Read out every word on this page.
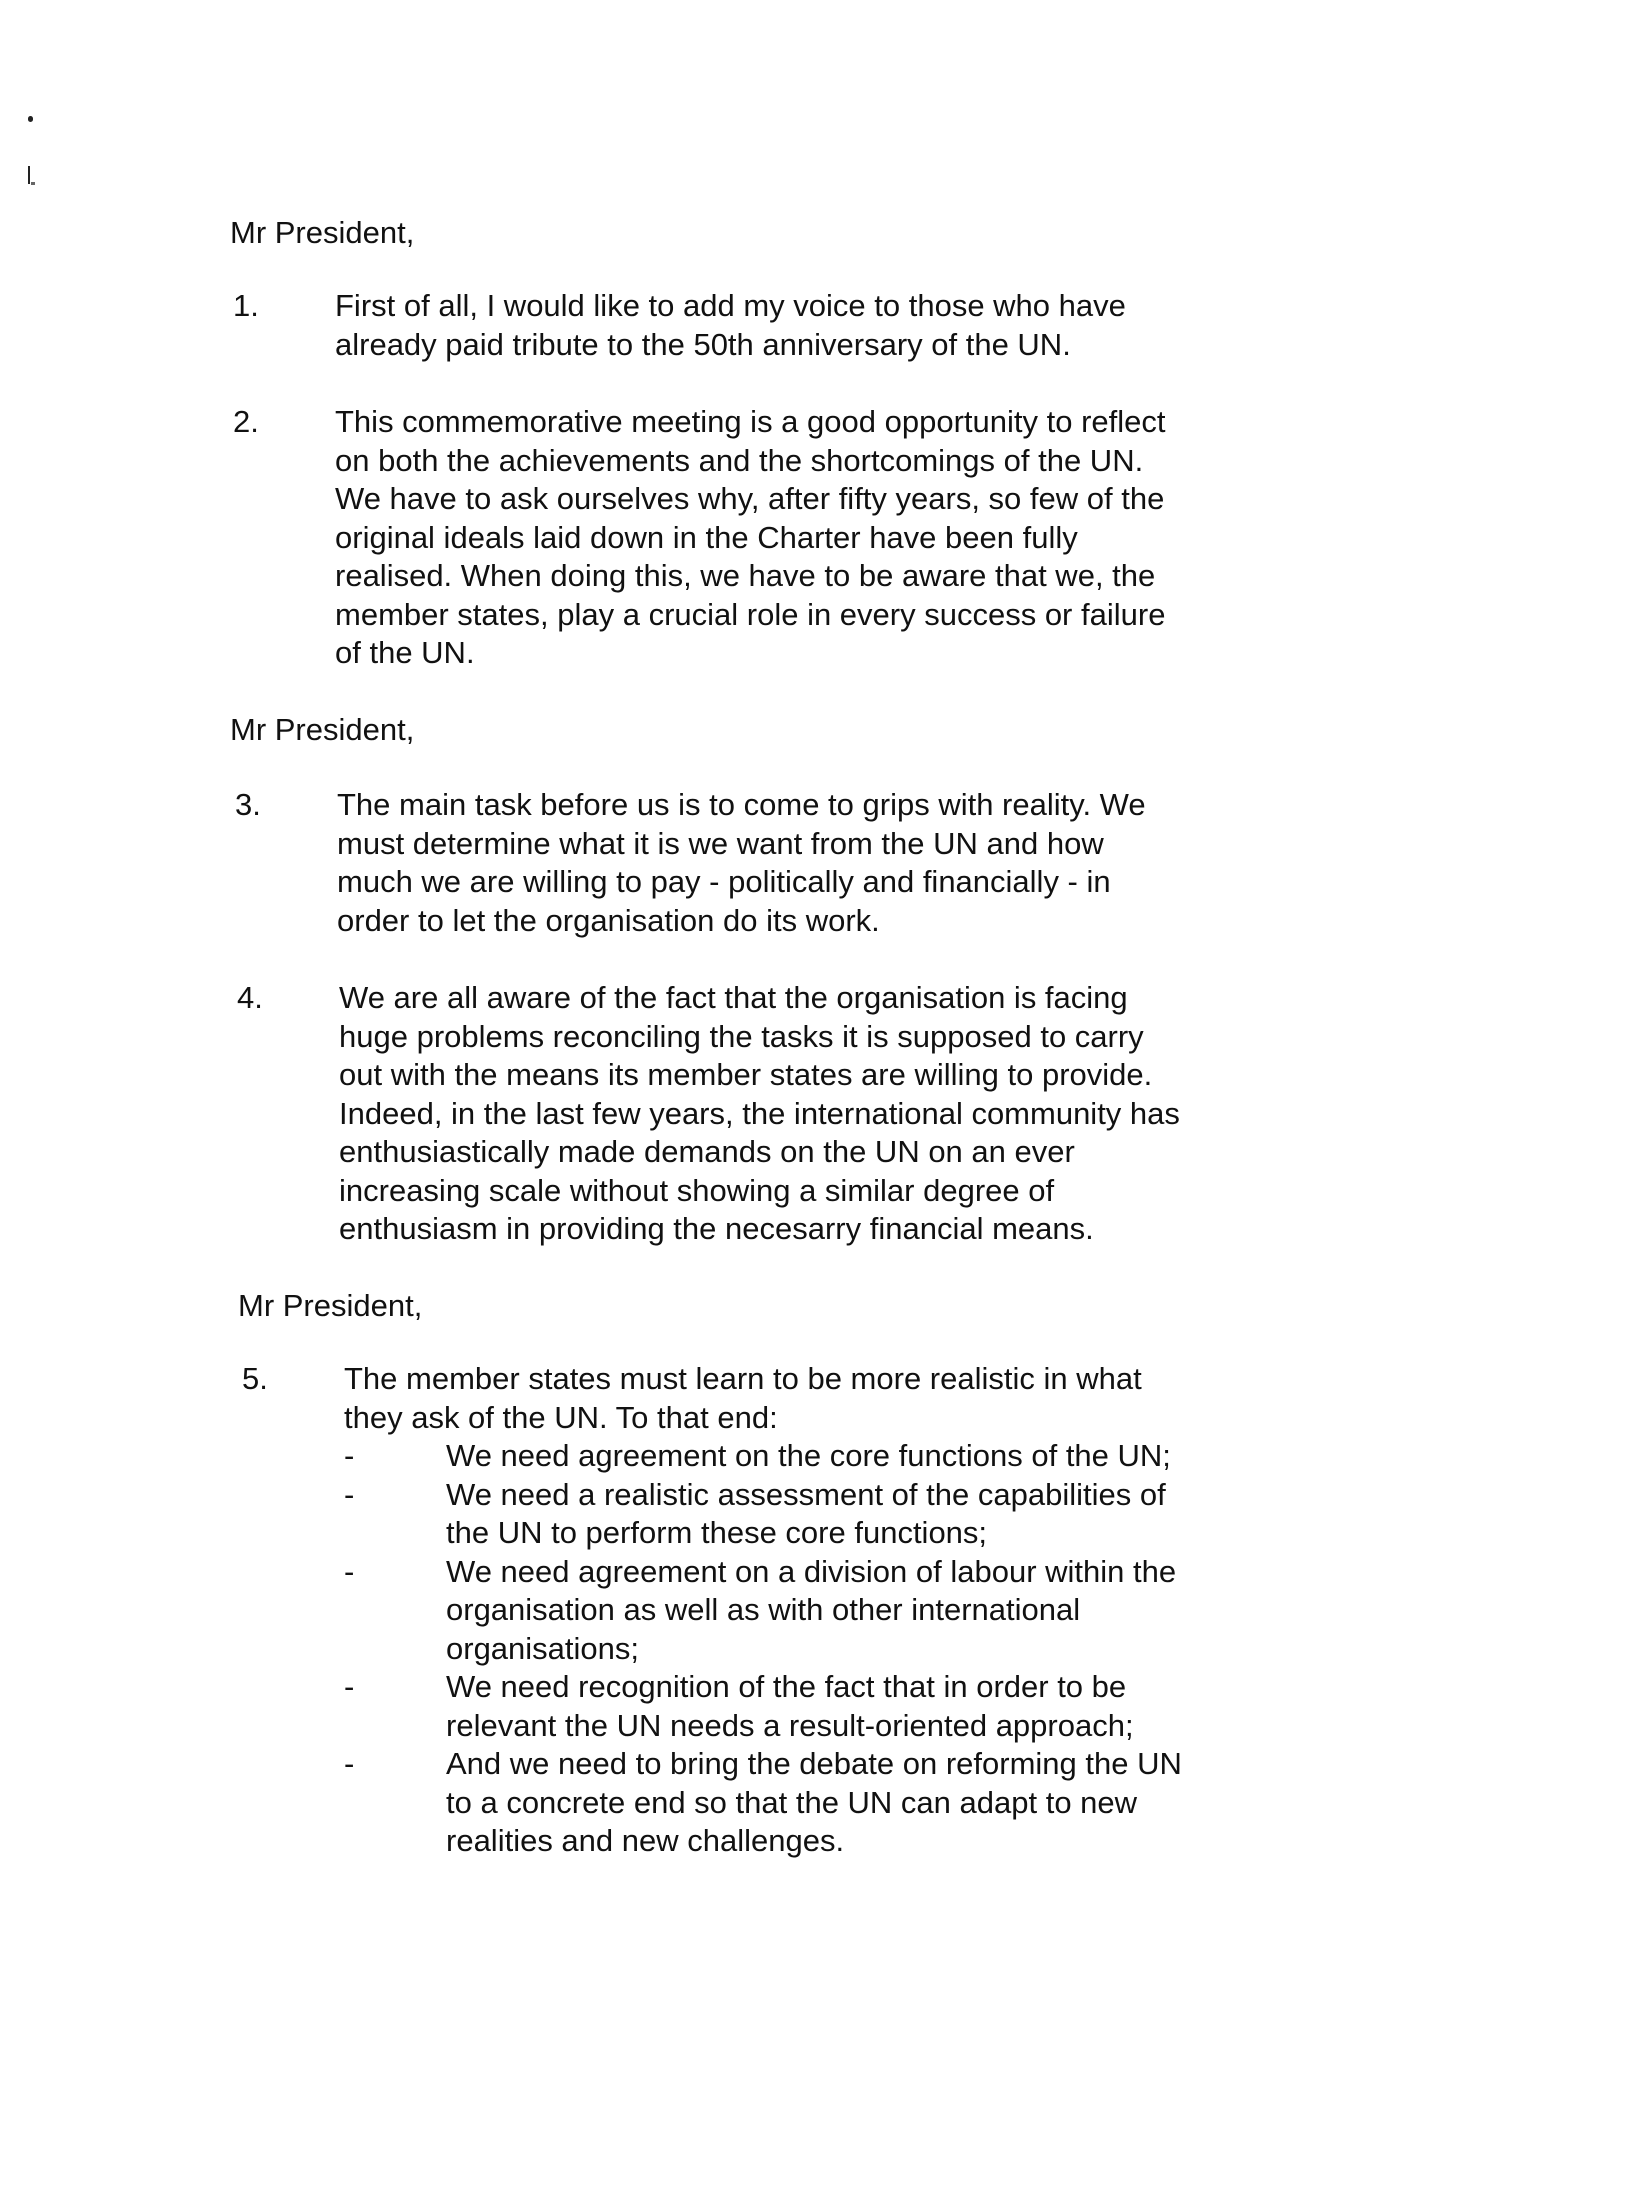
Mr President,
1. First of all, I would like to add my voice to those who have
already paid tribute to the 50th anniversary of the UN.
2. This commemorative meeting is a good opportunity to reflect
on both the achievements and the shortcomings of the UN.
We have to ask ourselves why, after fifty years, so few of the
original ideals laid down in the Charter have been fully
realised. When doing this, we have to be aware that we, the
member states, play a crucial role in every success or failure
of the UN.
Mr President,
3. The main task before us is to come to grips with reality. We
must determine what it is we want from the UN and how
much we are willing to pay - politically and financially - in
order to let the organisation do its work.
4. We are all aware of the fact that the organisation is facing
huge problems reconciling the tasks it is supposed to carry
out with the means its member states are willing to provide.
Indeed, in the last few years, the international community has
enthusiastically made demands on the UN on an ever
increasing scale without showing a similar degree of
enthusiasm in providing the necesarry financial means.
Mr President,
5. The member states must learn to be more realistic in what
they ask of the UN. To that end:
-	We need agreement on the core functions of the UN;
-	We need a realistic assessment of the capabilities of
the UN to perform these core functions;
-	We need agreement on a division of labour within the
organisation as well as with other international
organisations;
-	We need recognition of the fact that in order to be
relevant the UN needs a result-oriented approach;
-	And we need to bring the debate on reforming the UN
to a concrete end so that the UN can adapt to new
realities and new challenges.
